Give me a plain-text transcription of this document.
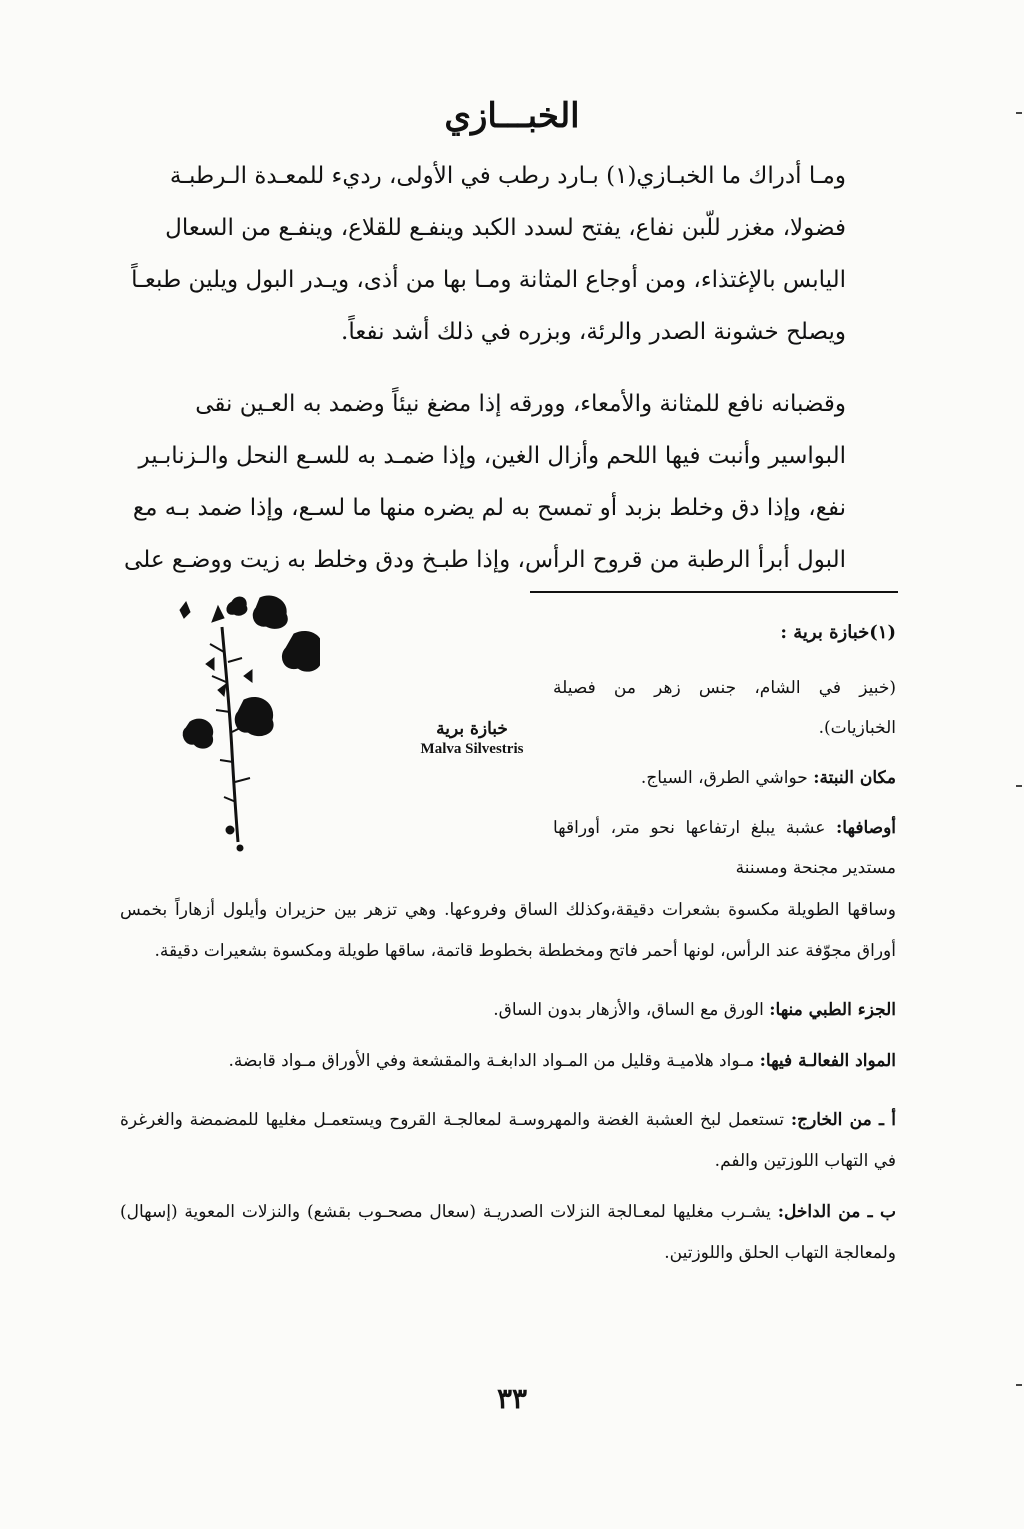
الخبـــازي

ومـا أدراك ما الخبـازي(١) بـارد رطب في الأولى، رديء للمعـدة الـرطبـة

فضولا، مغزر للّبن نفاع، يفتح لسدد الكبد وينفـع للقلاع، وينفـع من السعال

اليابس بالإغتذاء، ومن أوجاع المثانة ومـا بها من أذى، ويـدر البول ويلين طبعـاً

ويصلح خشونة الصدر والرئة، وبزره في ذلك أشد نفعاً.

وقضبانه نافع للمثانة والأمعاء، وورقه إذا مضغ نيئاً وضمد به العـين نقى

البواسير وأنبت فيها اللحم وأزال الغين، وإذا ضمـد به للسـع النحل والـزنابـير

نفع، وإذا دق وخلط بزبد أو تمسح به لم يضره منها ما لسـع، وإذا ضمد بـه مع

البول أبرأ الرطبة من قروح الرأس، وإذا طبـخ ودق وخلط به زيت ووضـع على

خبازة برية
Malva Silvestris
(١)خبازة برية :

(خبيز في الشام، جنس زهر من فصيلة الخبازيات).

مكان النبتة: حواشي الطرق، السياج.

أوصافها: عشبة يبلغ ارتفاعها نحو متر، أوراقها مستدير مجنحة ومسننة

وساقها الطويلة مكسوة بشعرات دقيقة،وكذلك الساق وفروعها. وهي تزهر بين حزيران وأيلول أزهاراً بخمس أوراق مجوّفة عند الرأس، لونها أحمر فاتح ومخططة بخطوط قاتمة، ساقها طويلة ومكسوة بشعيرات دقيقة.

الجزء الطبي منها: الورق مع الساق، والأزهار بدون الساق.

المواد الفعالـة فيها: مـواد هلاميـة وقليل من المـواد الدابغـة والمقشعة وفي الأوراق مـواد قابضة.

أ ـ من الخارج: تستعمل لبخ العشبة الغضة والمهروسـة لمعالجـة القروح ويستعمـل مغليها للمضمضة والغرغرة في التهاب اللوزتين والفم.

ب ـ من الداخل: يشـرب مغليها لمعـالجة النزلات الصدريـة (سعال مصحـوب بقشع) والنزلات المعوية (إسهال) ولمعالجة التهاب الحلق واللوزتين.

٣٣
